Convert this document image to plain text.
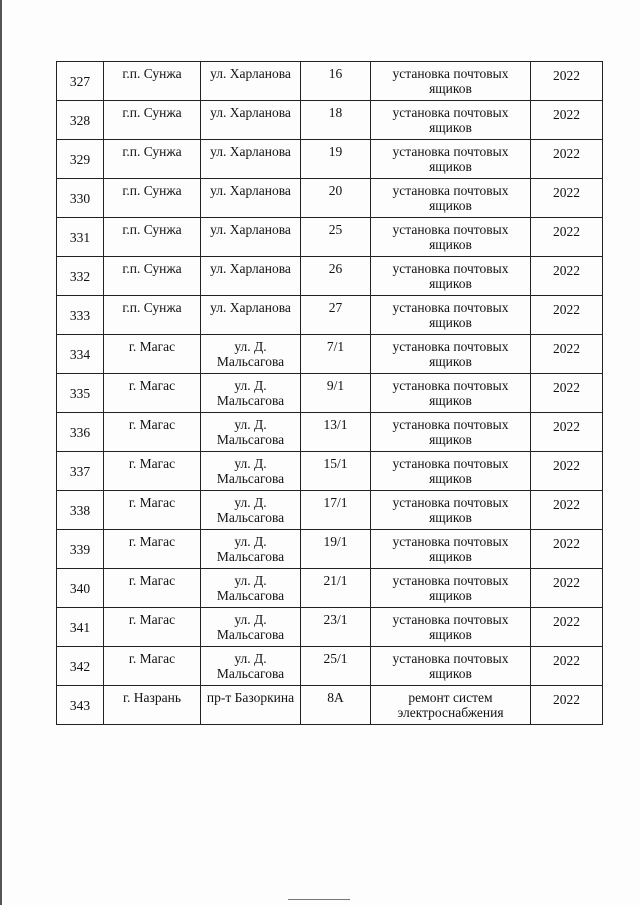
327	г.п. Сунжа	ул. Харланова	16	установка почтовых ящиков	2022
328	г.п. Сунжа	ул. Харланова	18	установка почтовых ящиков	2022
329	г.п. Сунжа	ул. Харланова	19	установка почтовых ящиков	2022
330	г.п. Сунжа	ул. Харланова	20	установка почтовых ящиков	2022
331	г.п. Сунжа	ул. Харланова	25	установка почтовых ящиков	2022
332	г.п. Сунжа	ул. Харланова	26	установка почтовых ящиков	2022
333	г.п. Сунжа	ул. Харланова	27	установка почтовых ящиков	2022
334	г. Магас	ул. Д. Мальсагова	7/1	установка почтовых ящиков	2022
335	г. Магас	ул. Д. Мальсагова	9/1	установка почтовых ящиков	2022
336	г. Магас	ул. Д. Мальсагова	13/1	установка почтовых ящиков	2022
337	г. Магас	ул. Д. Мальсагова	15/1	установка почтовых ящиков	2022
338	г. Магас	ул. Д. Мальсагова	17/1	установка почтовых ящиков	2022
339	г. Магас	ул. Д. Мальсагова	19/1	установка почтовых ящиков	2022
340	г. Магас	ул. Д. Мальсагова	21/1	установка почтовых ящиков	2022
341	г. Магас	ул. Д. Мальсагова	23/1	установка почтовых ящиков	2022
342	г. Магас	ул. Д. Мальсагова	25/1	установка почтовых ящиков	2022
343	г. Назрань	пр-т Базоркина	8А	ремонт систем электроснабжения	2022
